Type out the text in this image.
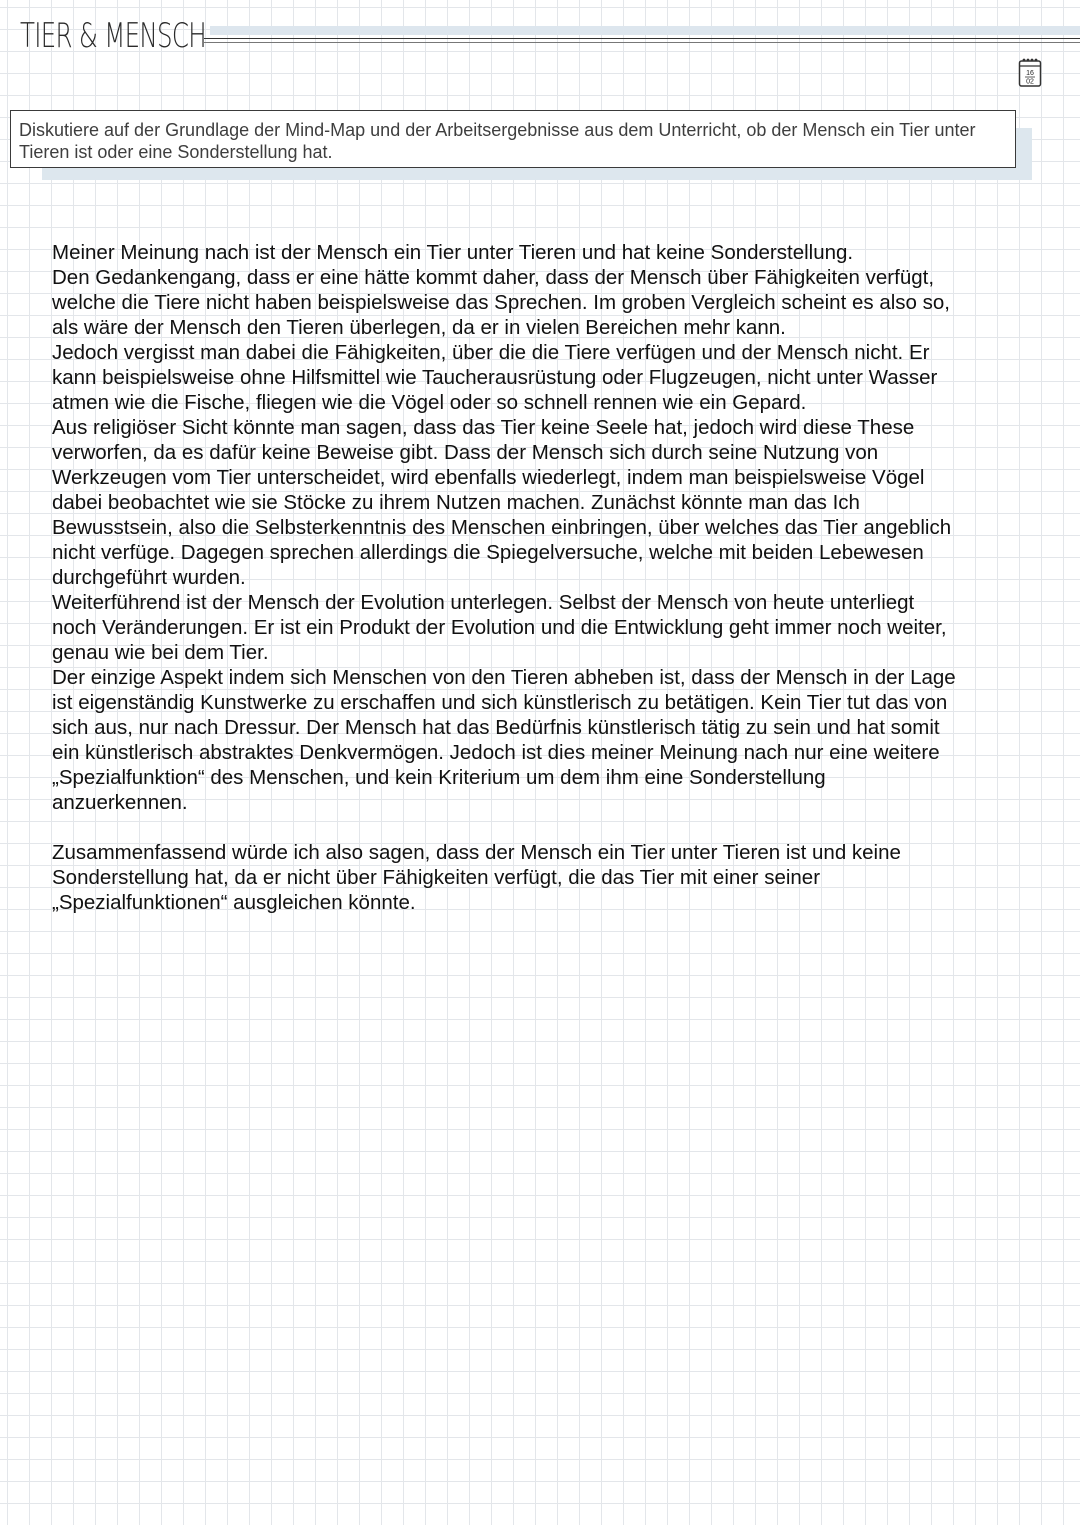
TIER & MENSCH
16
02
Diskutiere auf der Grundlage der Mind-Map und der Arbeitsergebnisse aus dem Unterricht, ob der Mensch ein Tier unter Tieren ist oder eine Sonderstellung hat.

Meiner Meinung nach ist der Mensch ein Tier unter Tieren und hat keine Sonderstellung.

Den Gedankengang, dass er eine hätte kommt daher, dass der Mensch über Fähigkeiten verfügt,

welche die Tiere nicht haben beispielsweise das Sprechen. Im groben Vergleich scheint es also so,

als wäre der Mensch den Tieren überlegen, da er in vielen Bereichen mehr kann.

Jedoch vergisst man dabei die Fähigkeiten, über die die Tiere verfügen und der Mensch nicht. Er

kann beispielsweise ohne Hilfsmittel wie Taucherausrüstung oder Flugzeugen, nicht unter Wasser

atmen wie die Fische, fliegen wie die Vögel oder so schnell rennen wie ein Gepard.

Aus religiöser Sicht könnte man sagen, dass das Tier keine Seele hat, jedoch wird diese These

verworfen, da es dafür keine Beweise gibt. Dass der Mensch sich durch seine Nutzung von

Werkzeugen vom Tier unterscheidet, wird ebenfalls wiederlegt, indem man beispielsweise Vögel

dabei beobachtet wie sie Stöcke zu ihrem Nutzen machen. Zunächst könnte man das Ich

Bewusstsein, also die Selbsterkenntnis des Menschen einbringen, über welches das Tier angeblich

nicht verfüge. Dagegen sprechen allerdings die Spiegelversuche, welche mit beiden Lebewesen

durchgeführt wurden.

Weiterführend ist der Mensch der Evolution unterlegen. Selbst der Mensch von heute unterliegt

noch Veränderungen. Er ist ein Produkt der Evolution und die Entwicklung geht immer noch weiter,

genau wie bei dem Tier.

Der einzige Aspekt indem sich Menschen von den Tieren abheben ist, dass der Mensch in der Lage

ist eigenständig Kunstwerke zu erschaffen und sich künstlerisch zu betätigen. Kein Tier tut das von

sich aus, nur nach Dressur. Der Mensch hat das Bedürfnis künstlerisch tätig zu sein und hat somit

ein künstlerisch abstraktes Denkvermögen. Jedoch ist dies meiner Meinung nach nur eine weitere

„Spezialfunktion“ des Menschen, und kein Kriterium um dem ihm eine Sonderstellung

anzuerkennen.

Zusammenfassend würde ich also sagen, dass der Mensch ein Tier unter Tieren ist und keine

Sonderstellung hat, da er nicht über Fähigkeiten verfügt, die das Tier mit einer seiner

„Spezialfunktionen“ ausgleichen könnte.
